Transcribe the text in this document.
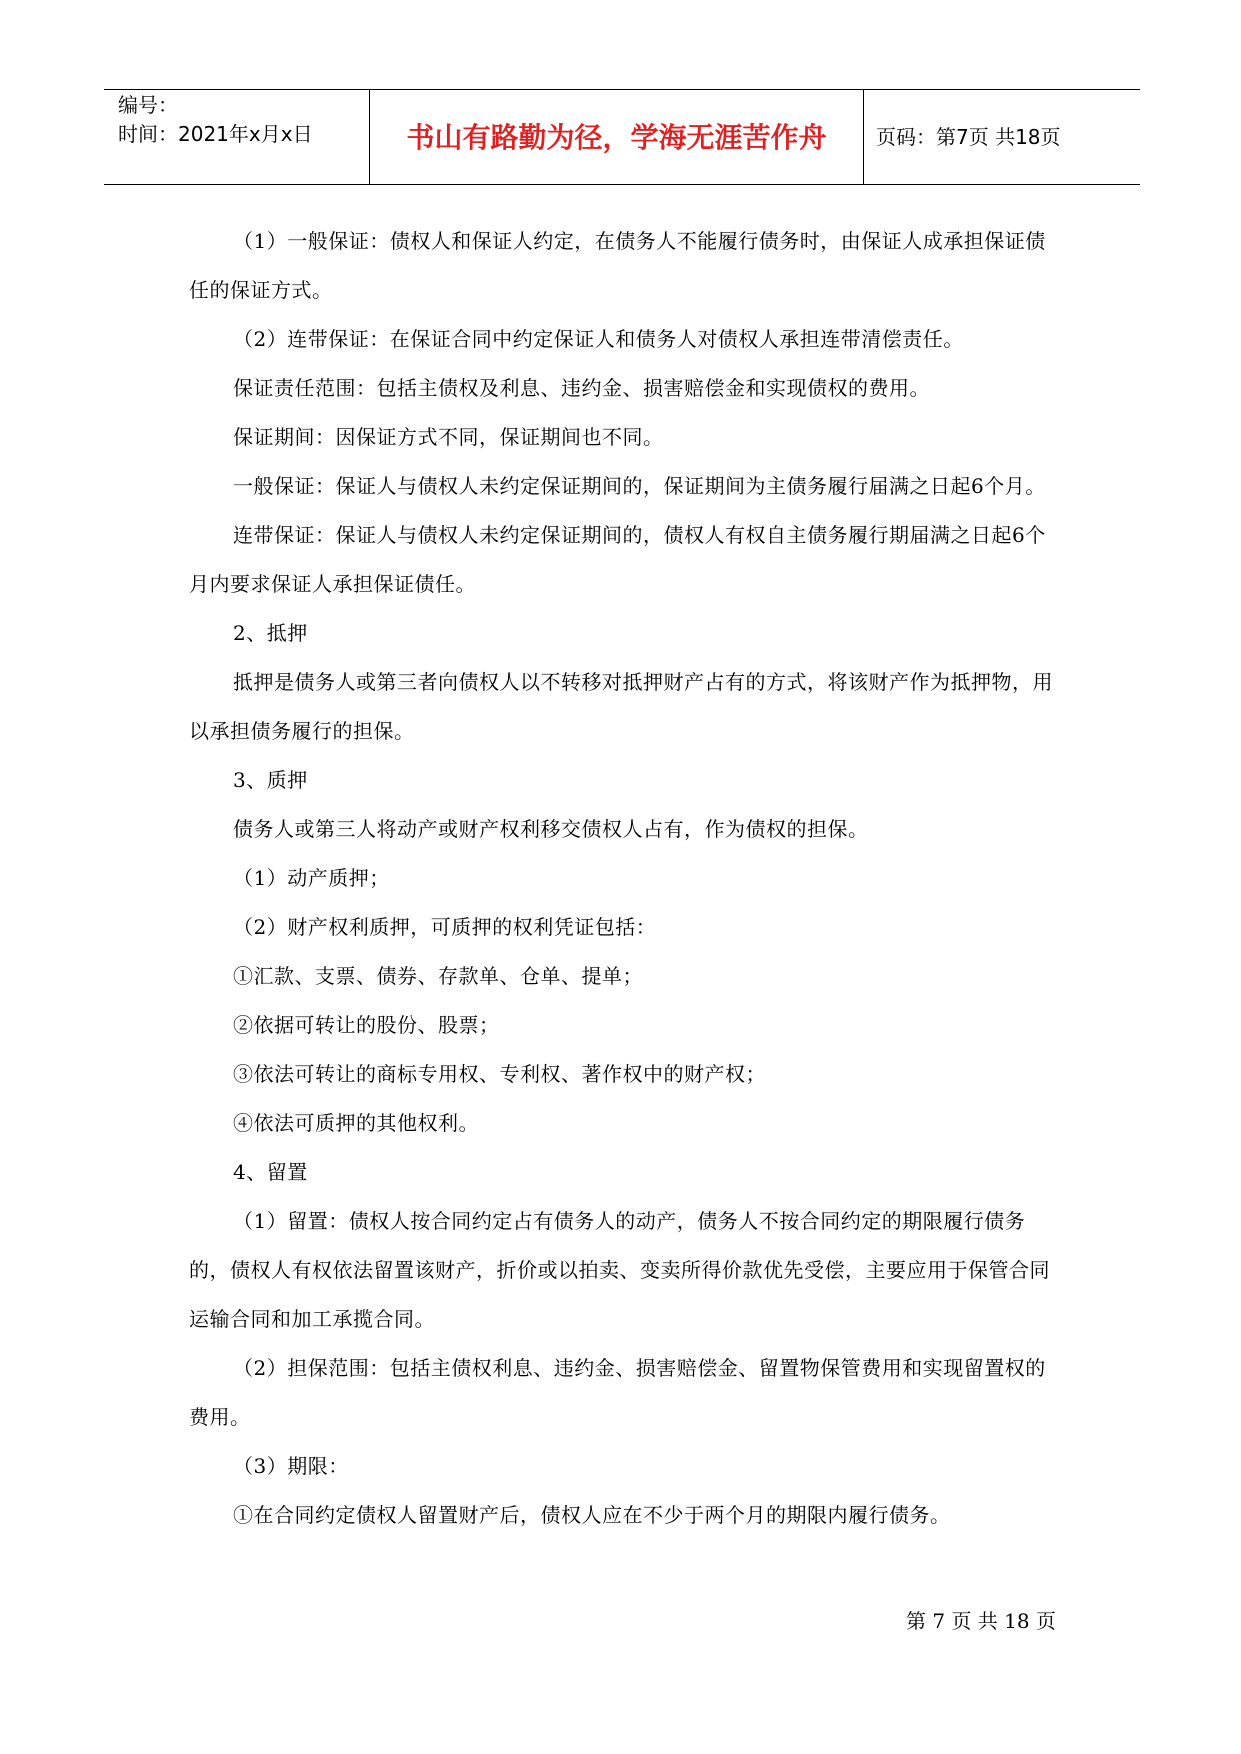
编号：
时间：2021年x月x日	书山有路勤为径，学海无涯苦作舟	页码：第7页 共18页

（1）一般保证：债权人和保证人约定，在债务人不能履行债务时，由保证人成承担保证债任的保证方式。

（2）连带保证：在保证合同中约定保证人和债务人对债权人承担连带清偿责任。

保证责任范围：包括主债权及利息、违约金、损害赔偿金和实现债权的费用。

保证期间：因保证方式不同，保证期间也不同。

一般保证：保证人与债权人未约定保证期间的，保证期间为主债务履行届满之日起6个月。

连带保证：保证人与债权人未约定保证期间的，债权人有权自主债务履行期届满之日起6个月内要求保证人承担保证债任。

2、抵押

抵押是债务人或第三者向债权人以不转移对抵押财产占有的方式，将该财产作为抵押物，用以承担债务履行的担保。

3、质押

债务人或第三人将动产或财产权利移交债权人占有，作为债权的担保。

（1）动产质押；

（2）财产权利质押，可质押的权利凭证包括：

①汇款、支票、债券、存款单、仓单、提单；

②依据可转让的股份、股票；

③依法可转让的商标专用权、专利权、著作权中的财产权；

④依法可质押的其他权利。

4、留置

（1）留置：债权人按合同约定占有债务人的动产，债务人不按合同约定的期限履行债务的，债权人有权依法留置该财产，折价或以拍卖、变卖所得价款优先受偿，主要应用于保管合同运输合同和加工承揽合同。

（2）担保范围：包括主债权利息、违约金、损害赔偿金、留置物保管费用和实现留置权的费用。

（3）期限：

①在合同约定债权人留置财产后，债权人应在不少于两个月的期限内履行债务。

第 7 页 共 18 页
